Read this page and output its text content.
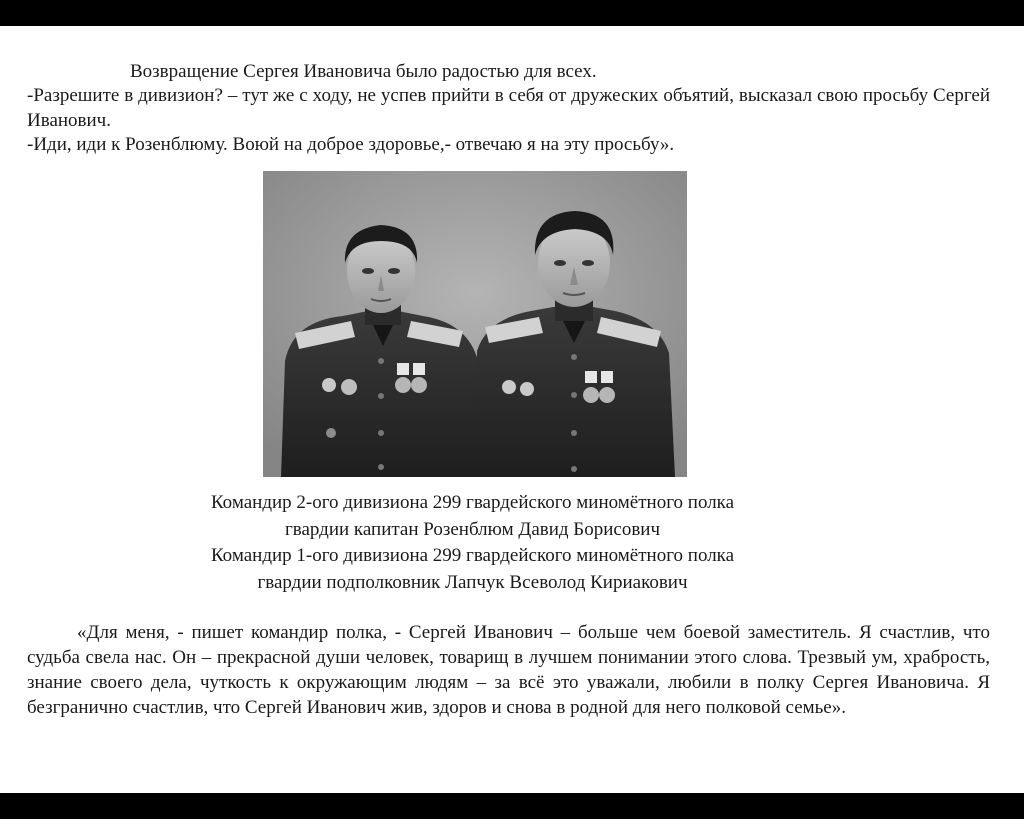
Возвращение Сергея Ивановича было радостью для всех.

-Разрешите в дивизион? – тут же с ходу, не успев прийти в себя от дружеских объятий, высказал свою просьбу Сергей Иванович.

-Иди, иди к Розенблюму. Воюй на доброе здоровье,- отвечаю я на эту просьбу».

Командир 2-ого дивизиона 299 гвардейского миномётного полка
гвардии капитан Розенблюм Давид Борисович
Командир 1-ого дивизиона 299 гвардейского миномётного полка
гвардии подполковник Лапчук Всеволод Кириакович

«Для меня, - пишет командир полка, - Сергей Иванович – больше чем боевой заместитель. Я счастлив, что судьба свела нас. Он – прекрасной души человек, товарищ в лучшем понимании этого слова. Трезвый ум, храбрость, знание своего дела, чуткость к окружающим людям – за всё это уважали, любили в полку Сергея Ивановича. Я безгранично счастлив, что Сергей Иванович жив, здоров и снова в родной для него полковой семье».
